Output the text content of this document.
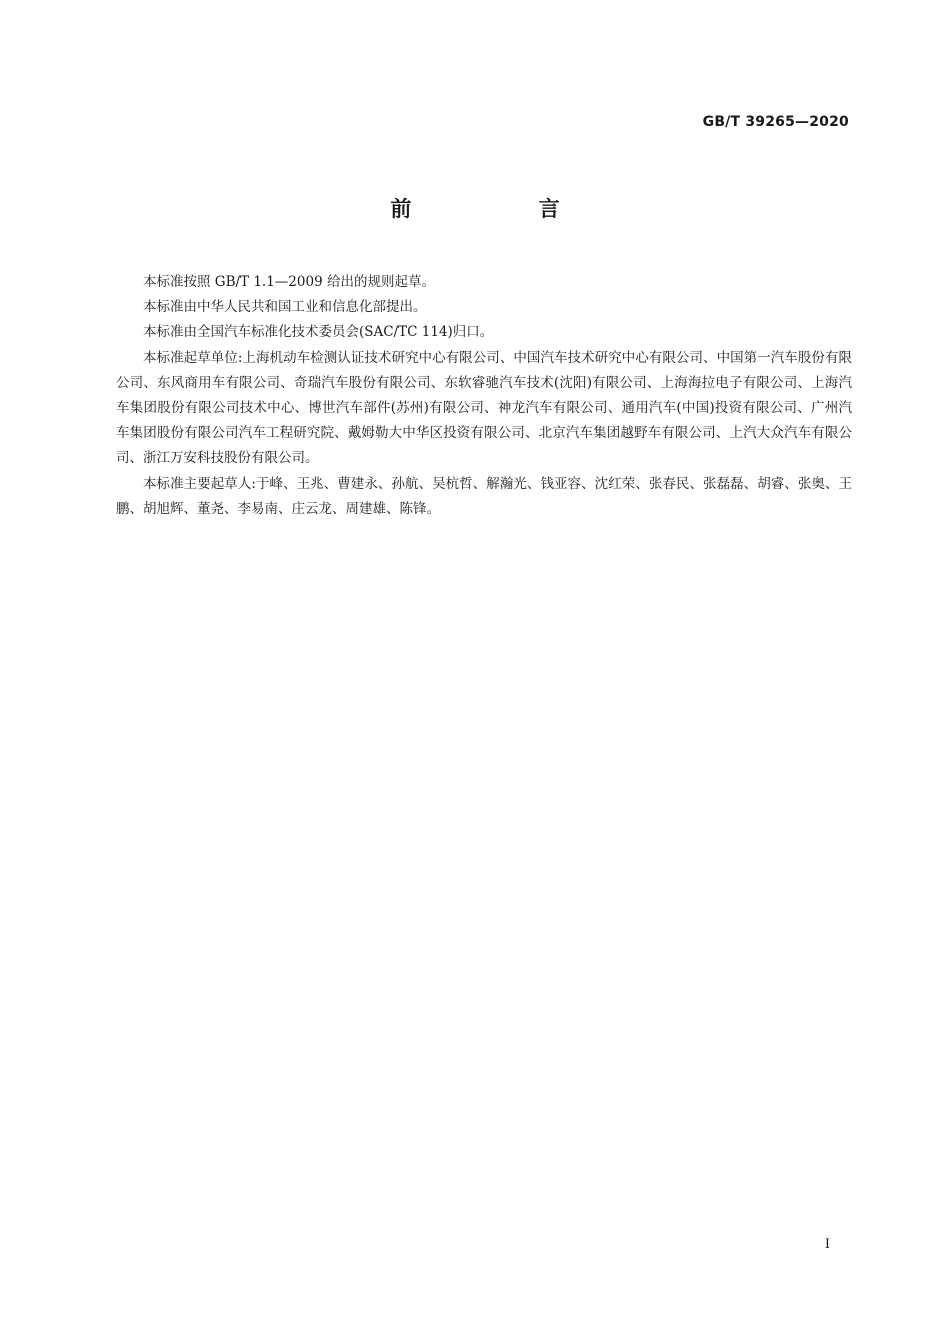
GB/T 39265—2020
前 言

本标准按照 GB/T 1.1—2009 给出的规则起草。

本标准由中华人民共和国工业和信息化部提出。

本标准由全国汽车标准化技术委员会(SAC/TC 114)归口。

本标准起草单位:上海机动车检测认证技术研究中心有限公司、中国汽车技术研究中心有限公司、中国第一汽车股份有限公司、东风商用车有限公司、奇瑞汽车股份有限公司、东软睿驰汽车技术(沈阳)有限公司、上海海拉电子有限公司、上海汽车集团股份有限公司技术中心、博世汽车部件(苏州)有限公司、神龙汽车有限公司、通用汽车(中国)投资有限公司、广州汽车集团股份有限公司汽车工程研究院、戴姆勒大中华区投资有限公司、北京汽车集团越野车有限公司、上汽大众汽车有限公司、浙江万安科技股份有限公司。

本标准主要起草人:于峰、王兆、曹建永、孙航、吴杭哲、解瀚光、钱亚容、沈红荣、张春民、张磊磊、胡睿、张奥、王鹏、胡旭辉、董尧、李易南、庄云龙、周建雄、陈锋。

I
